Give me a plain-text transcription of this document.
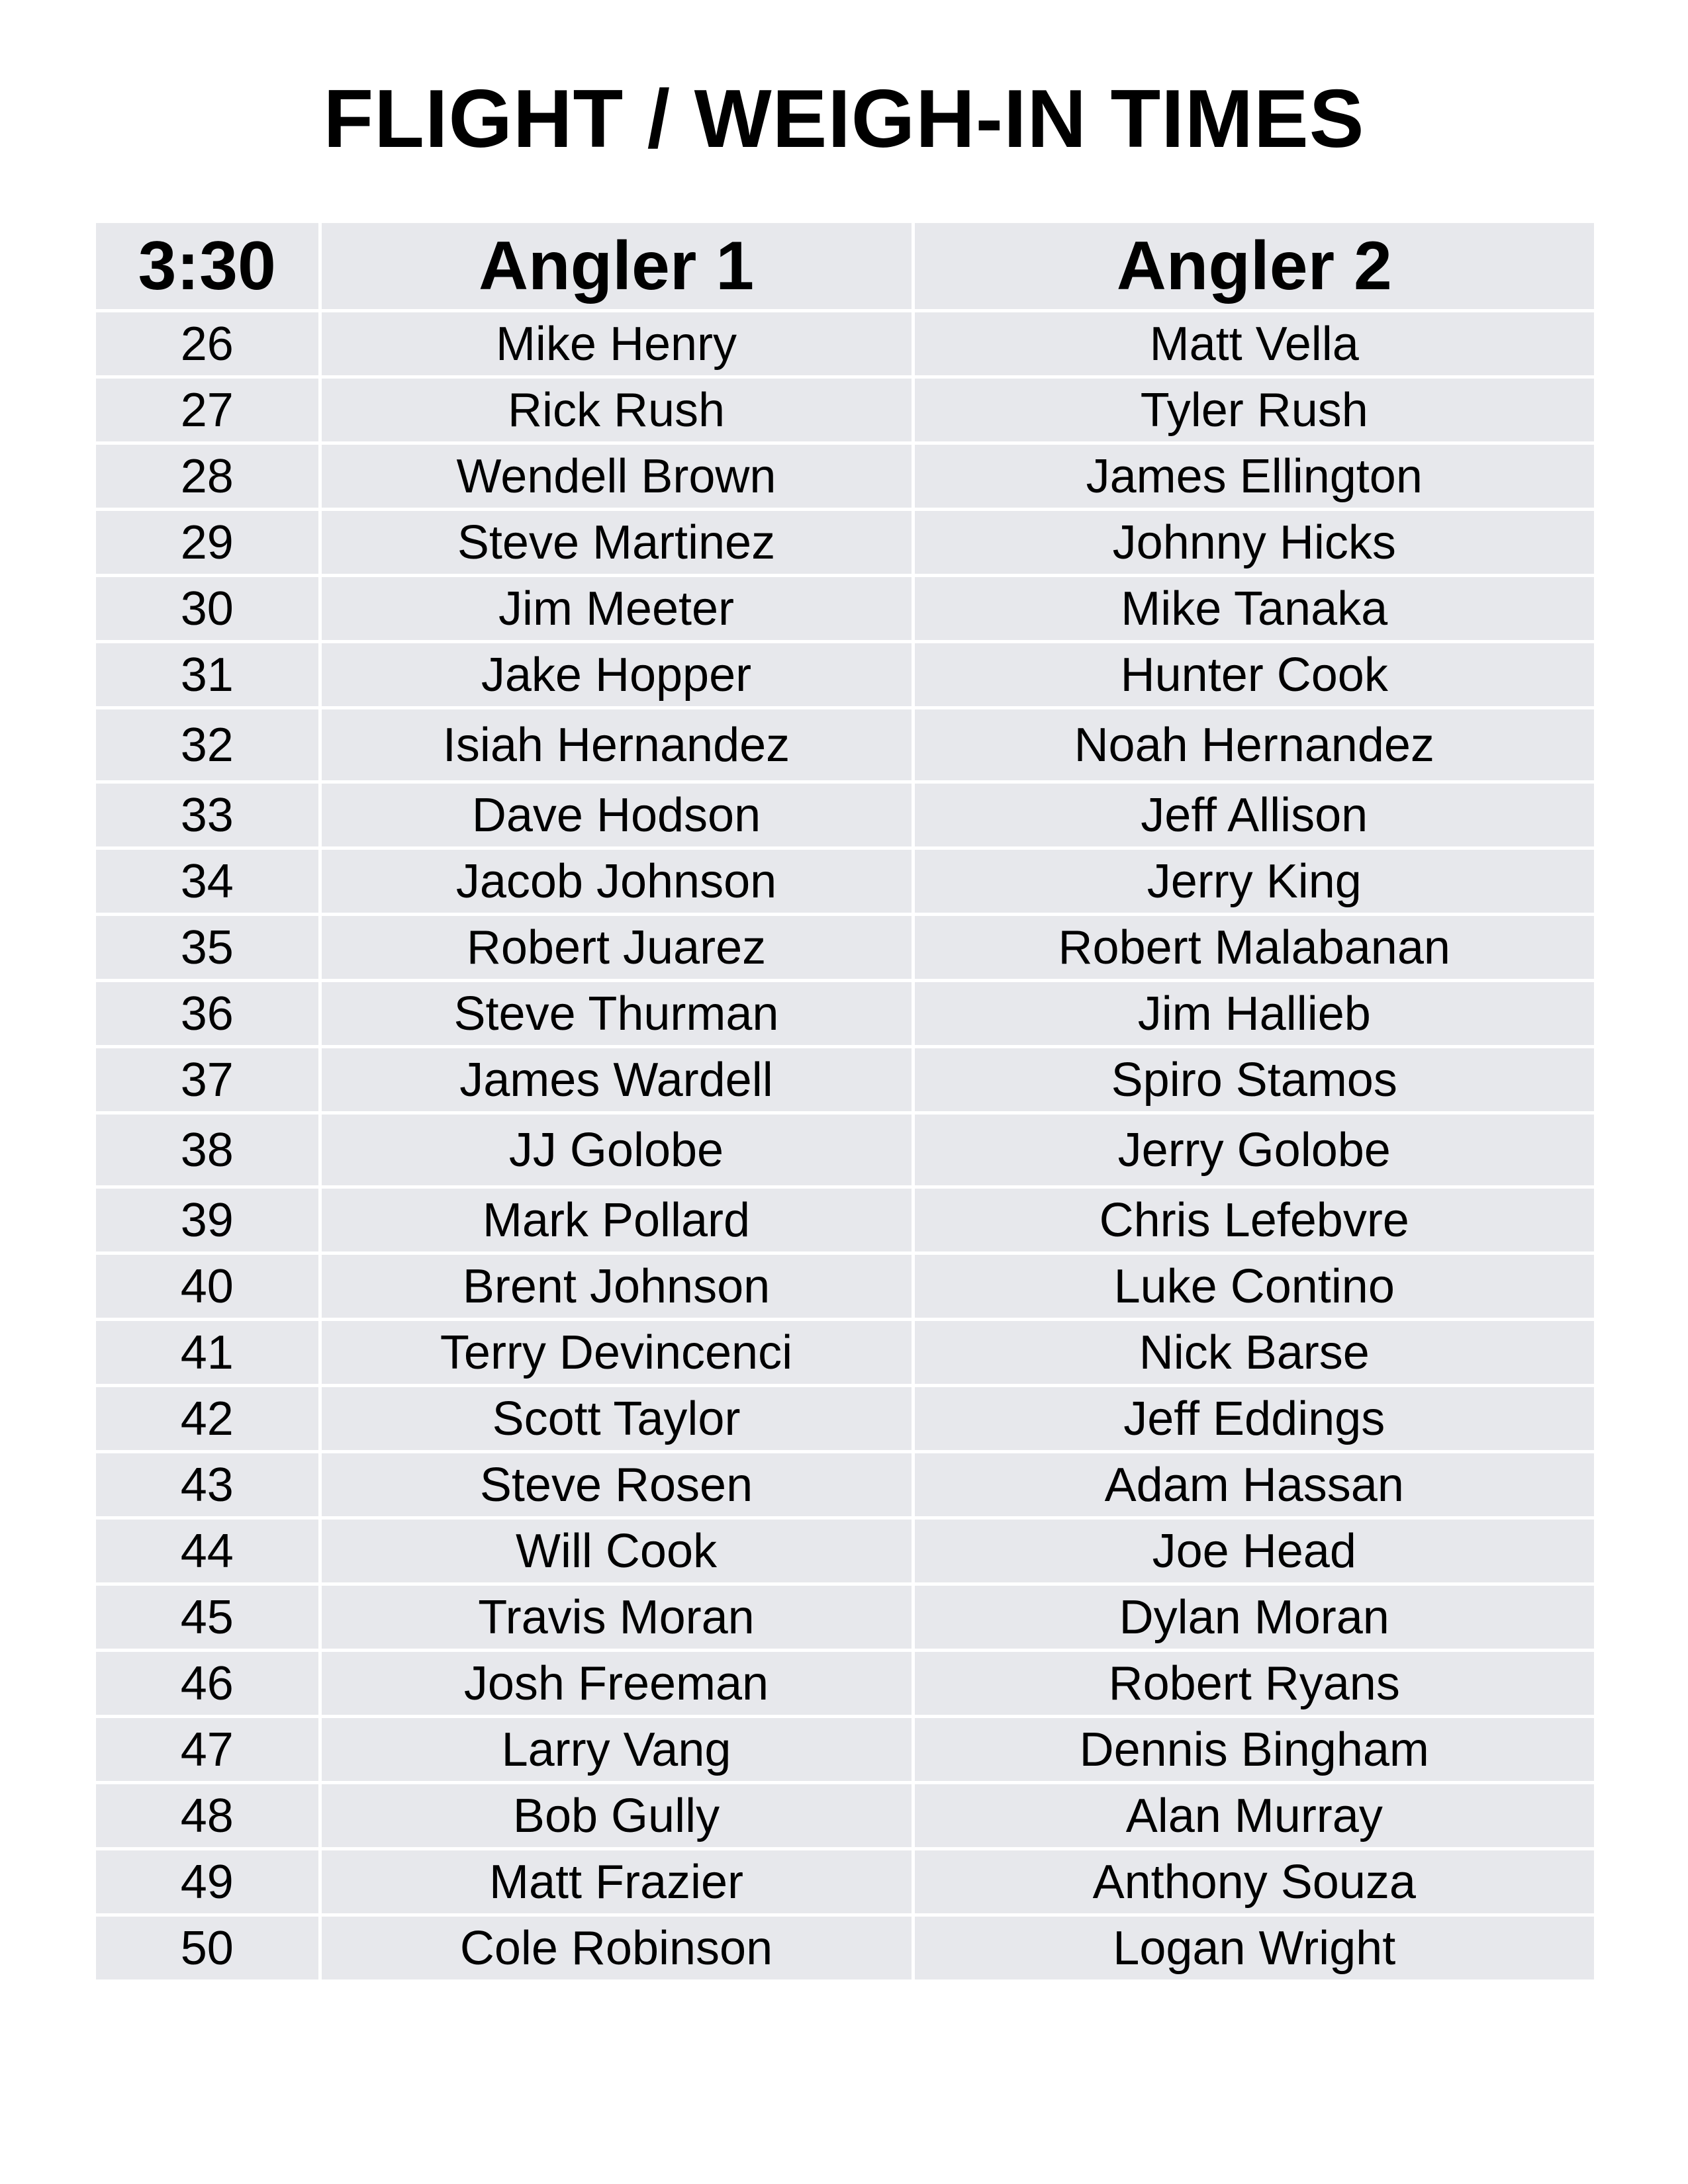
FLIGHT / WEIGH-IN TIMES
3:30	Angler 1	Angler 2
26	Mike Henry	Matt Vella
27	Rick Rush	Tyler Rush
28	Wendell Brown	James Ellington
29	Steve Martinez	Johnny Hicks
30	Jim Meeter	Mike Tanaka
31	Jake Hopper	Hunter Cook
32	Isiah Hernandez	Noah Hernandez
33	Dave Hodson	Jeff Allison
34	Jacob Johnson	Jerry King
35	Robert Juarez	Robert Malabanan
36	Steve Thurman	Jim Hallieb
37	James Wardell	Spiro Stamos
38	JJ Golobe	Jerry Golobe
39	Mark Pollard	Chris Lefebvre
40	Brent Johnson	Luke Contino
41	Terry Devincenci	Nick Barse
42	Scott Taylor	Jeff Eddings
43	Steve Rosen	Adam Hassan
44	Will Cook	Joe Head
45	Travis Moran	Dylan Moran
46	Josh Freeman	Robert Ryans
47	Larry Vang	Dennis Bingham
48	Bob Gully	Alan Murray
49	Matt Frazier	Anthony Souza
50	Cole Robinson	Logan Wright
